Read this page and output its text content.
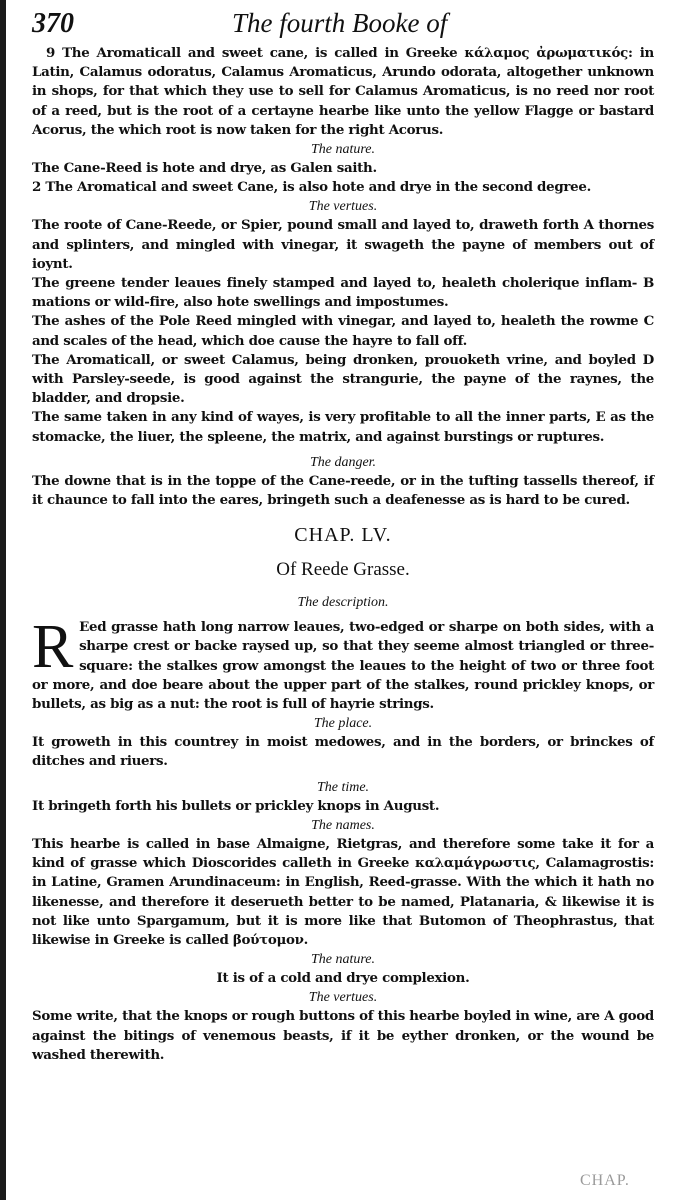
370	The fourth Booke of

9 The Aromaticall and sweet cane, is called in Greeke κάλαμος ἀρωματικός: in Latin, Calamus odoratus, Calamus Aromaticus, Arundo odorata, altogether unknown in shops, for that which they use to sell for Calamus Aromaticus, is no reed nor root of a reed, but is the root of a certayne hearbe like unto the yellow Flagge or bastard Acorus, the which root is now taken for the right Acorus.

The nature.

The Cane-Reed is hote and drye, as Galen saith.

2 The Aromatical and sweet Cane, is also hote and drye in the second degree.

The vertues.

The roote of Cane-Reede, or Spier, pound small and layed to, draweth forth A thornes and splinters, and mingled with vinegar, it swageth the payne of members out of ioynt.

The greene tender leaues finely stamped and layed to, healeth cholerique inflam- B mations or wild-fire, also hote swellings and impostumes.

The ashes of the Pole Reed mingled with vinegar, and layed to, healeth the rowme C and scales of the head, which doe cause the hayre to fall off.

The Aromaticall, or sweet Calamus, being dronken, prouoketh vrine, and boyled D with Parsley-seede, is good against the strangurie, the payne of the raynes, the bladder, and dropsie.

The same taken in any kind of wayes, is very profitable to all the inner parts, E as the stomacke, the liuer, the spleene, the matrix, and against burstings or ruptures.

The danger.

The downe that is in the toppe of the Cane-reede, or in the tufting tassells thereof, if it chaunce to fall into the eares, bringeth such a deafenesse as is hard to be cured.

CHAP. LV.

Of Reede Grasse.

The description.

R Eed grasse hath long narrow leaues, two-edged or sharpe on both sides, with a sharpe crest or backe raysed up, so that they seeme almost triangled or three-square: the stalkes grow amongst the leaues to the height of two or three foot or more, and doe beare about the upper part of the stalkes, round prickley knops, or bullets, as big as a nut: the root is full of hayrie strings.

The place.

It groweth in this countrey in moist medowes, and in the borders, or brinckes of ditches and riuers.

The time.

It bringeth forth his bullets or prickley knops in August.

The names.

This hearbe is called in base Almaigne, Rietgras, and therefore some take it for a kind of grasse which Dioscorides calleth in Greeke καλαμάγρωστις, Calamagrostis: in Latine, Gramen Arundinaceum: in English, Reed-grasse. With the which it hath no likenesse, and therefore it deserueth better to be named, Platanaria, & likewise it is not like unto Spargamum, but it is more like that Butomon of Theophrastus, that likewise in Greeke is called βούτομον.

The nature.

It is of a cold and drye complexion.

The vertues.

Some write, that the knops or rough buttons of this hearbe boyled in wine, are A good against the bitings of venemous beasts, if it be eyther dronken, or the wound be washed therewith.

CHAP.
